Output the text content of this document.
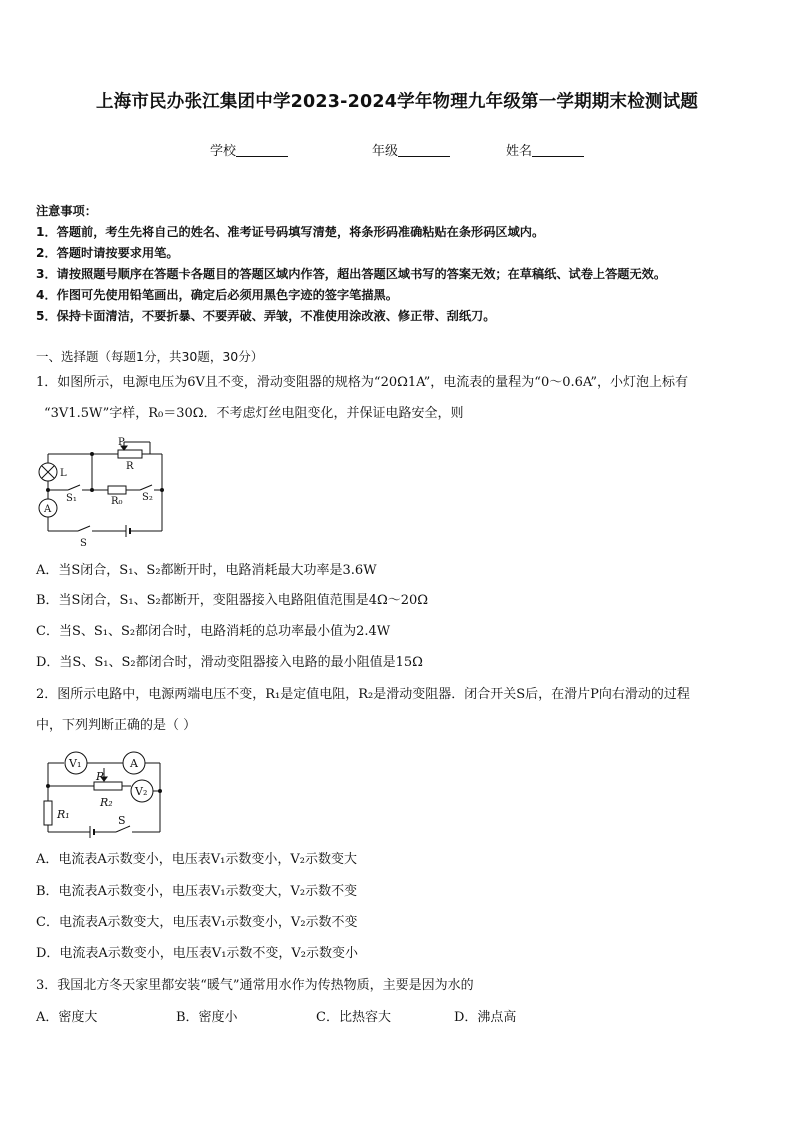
上海市民办张江集团中学2023-2024学年物理九年级第一学期期末检测试题
学校	年级	姓名
注意事项：
1．答题前，考生先将自己的姓名、准考证号码填写清楚，将条形码准确粘贴在条形码区域内。
2．答题时请按要求用笔。
3．请按照题号顺序在答题卡各题目的答题区域内作答，超出答题区域书写的答案无效；在草稿纸、试卷上答题无效。
4．作图可先使用铅笔画出，确定后必须用黑色字迹的签字笔描黑。
5．保持卡面清洁，不要折暴、不要弄破、弄皱，不准使用涂改液、修正带、刮纸刀。
一、选择题（每题1分，共30题，30分）
1．如图所示，电源电压为6V且不变，滑动变阻器的规格为“20Ω1A”，电流表的量程为“0～0.6A”，小灯泡上标有
“3V1.5W”字样，R₀＝30Ω．不考虑灯丝电阻变化，并保证电路安全，则
P
R
L
S₁	R₀ S₂
A
S
A．当S闭合，S₁、S₂都断开时，电路消耗最大功率是3.6W
B．当S闭合，S₁、S₂都断开，变阻器接入电路阻值范围是4Ω～20Ω
C．当S、S₁、S₂都闭合时，电路消耗的总功率最小值为2.4W
D．当S、S₁、S₂都闭合时，滑动变阻器接入电路的最小阻值是15Ω
2．图所示电路中，电源两端电压不变，R₁是定值电阻，R₂是滑动变阻器．闭合开关S后，在滑片P向右滑动的过程
中，下列判断正确的是（ ）
V₁	A
P
R₂
V₂
R₁	S
A．电流表A示数变小，电压表V₁示数变小，V₂示数变大
B．电流表A示数变小，电压表V₁示数变大，V₂示数不变
C．电流表A示数变大，电压表V₁示数变小，V₂示数不变
D．电流表A示数变小，电压表V₁示数不变，V₂示数变小
3．我国北方冬天家里都安装“暖气”通常用水作为传热物质，主要是因为水的
A．密度大	B．密度小	C．比热容大	D．沸点高
